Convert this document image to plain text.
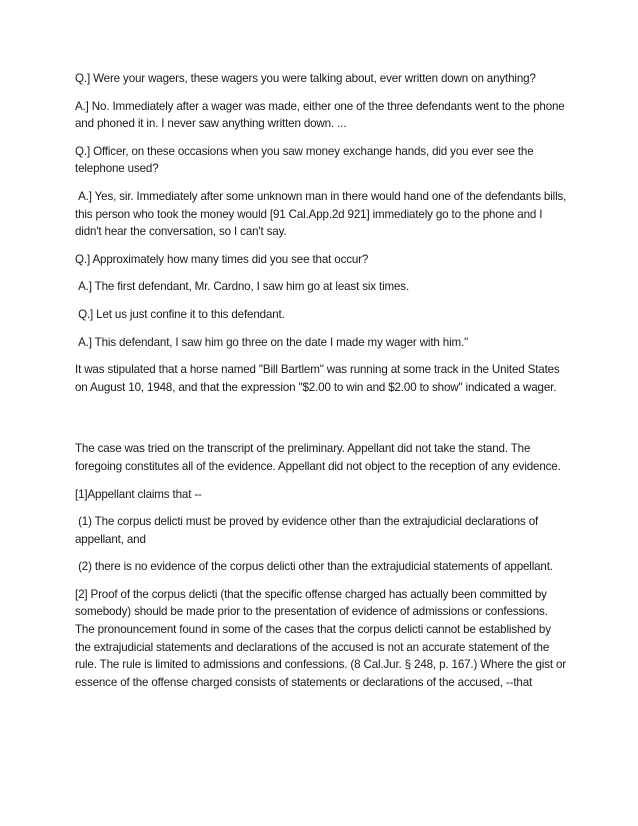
Q.] Were your wagers, these wagers you were talking about, ever written down on anything?

A.] No. Immediately after a wager was made, either one of the three defendants went to the phone and phoned it in. I never saw anything written down. ...

Q.] Officer, on these occasions when you saw money exchange hands, did you ever see the telephone used?

A.] Yes, sir. Immediately after some unknown man in there would hand one of the defendants bills, this person who took the money would [91 Cal.App.2d 921] immediately go to the phone and I didn't hear the conversation, so I can't say.

Q.] Approximately how many times did you see that occur?

A.] The first defendant, Mr. Cardno, I saw him go at least six times.

Q.] Let us just confine it to this defendant.

A.] This defendant, I saw him go three on the date I made my wager with him."

It was stipulated that a horse named "Bill Bartlem" was running at some track in the United States on August 10, 1948, and that the expression "$2.00 to win and $2.00 to show" indicated a wager.

The case was tried on the transcript of the preliminary. Appellant did not take the stand. The foregoing constitutes all of the evidence. Appellant did not object to the reception of any evidence.

[1]Appellant claims that --

(1) The corpus delicti must be proved by evidence other than the extrajudicial declarations of appellant, and

(2) there is no evidence of the corpus delicti other than the extrajudicial statements of appellant.

[2] Proof of the corpus delicti (that the specific offense charged has actually been committed by somebody) should be made prior to the presentation of evidence of admissions or confessions. The pronouncement found in some of the cases that the corpus delicti cannot be established by the extrajudicial statements and declarations of the accused is not an accurate statement of the rule. The rule is limited to admissions and confessions. (8 Cal.Jur. § 248, p. 167.) Where the gist or essence of the offense charged consists of statements or declarations of the accused, --that
